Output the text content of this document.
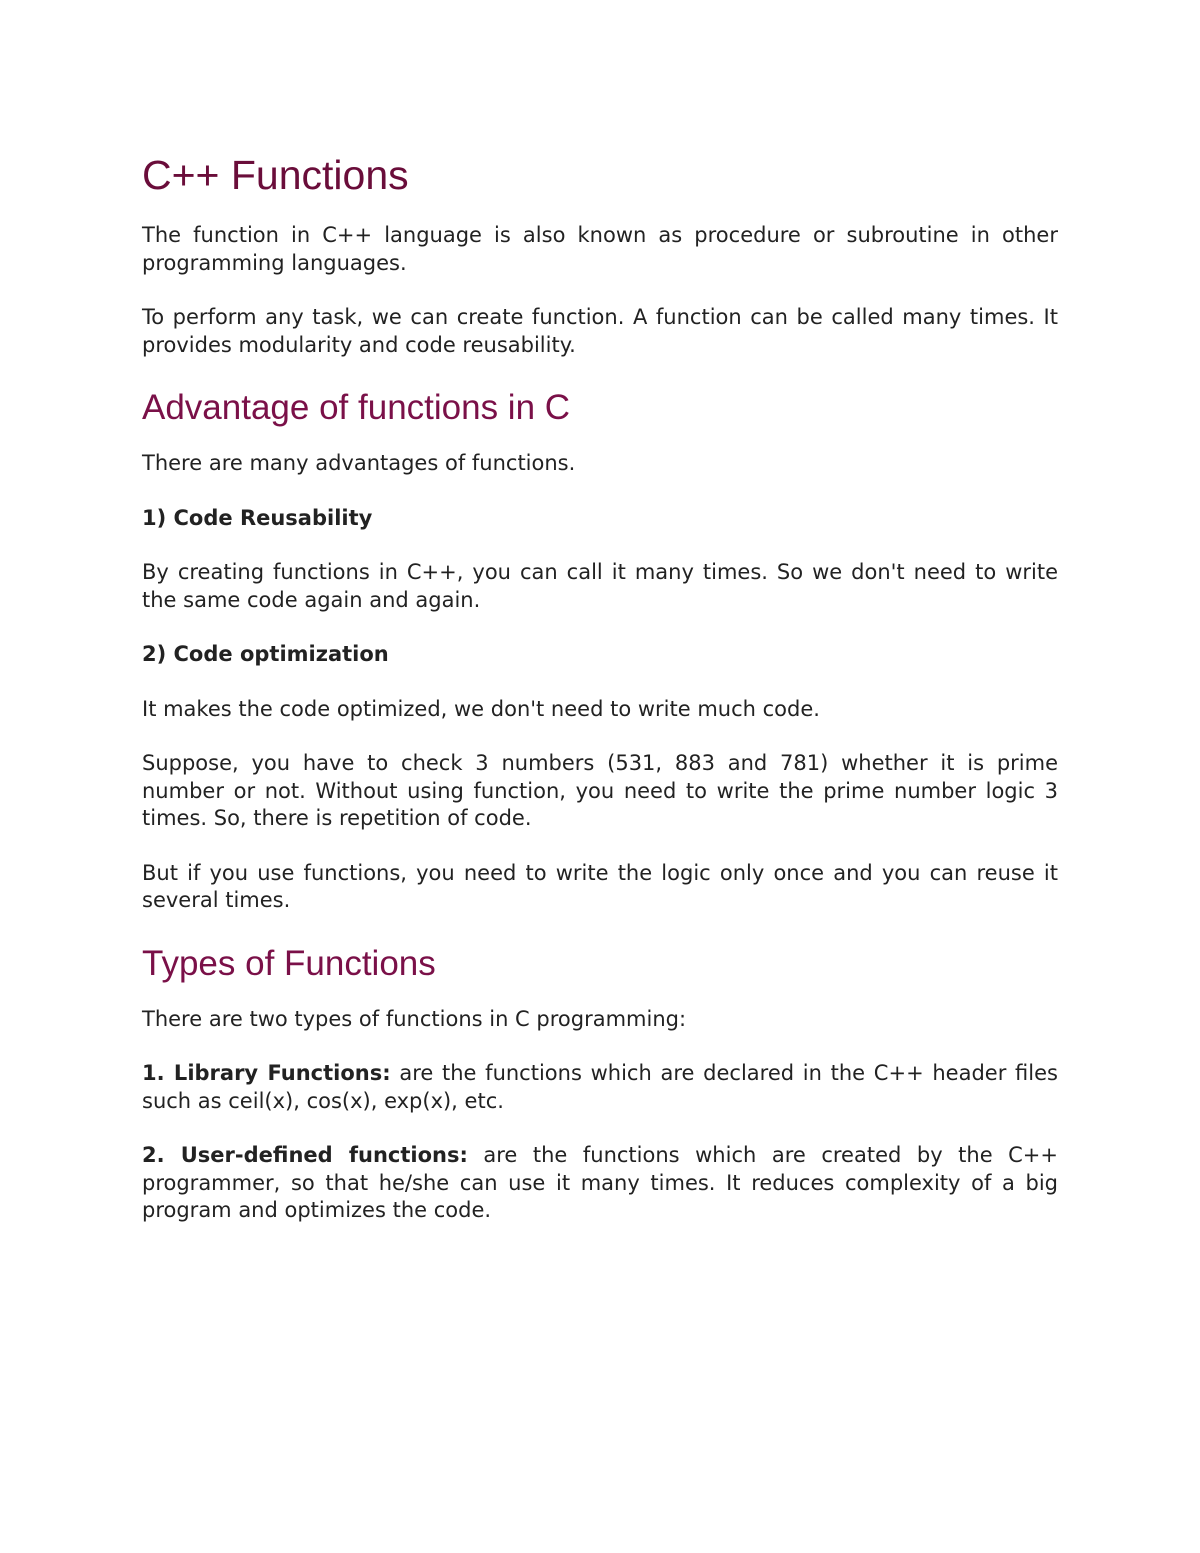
C++ Functions

The function in C++ language is also known as procedure or subroutine in other programming languages.

To perform any task, we can create function. A function can be called many times. It provides modularity and code reusability.

Advantage of functions in C

There are many advantages of functions.

1) Code Reusability

By creating functions in C++, you can call it many times. So we don't need to write the same code again and again.

2) Code optimization

It makes the code optimized, we don't need to write much code.

Suppose, you have to check 3 numbers (531, 883 and 781) whether it is prime number or not. Without using function, you need to write the prime number logic 3 times. So, there is repetition of code.

But if you use functions, you need to write the logic only once and you can reuse it several times.

Types of Functions

There are two types of functions in C programming:

1. Library Functions: are the functions which are declared in the C++ header files such as ceil(x), cos(x), exp(x), etc.

2. User-defined functions: are the functions which are created by the C++ programmer, so that he/she can use it many times. It reduces complexity of a big program and optimizes the code.
